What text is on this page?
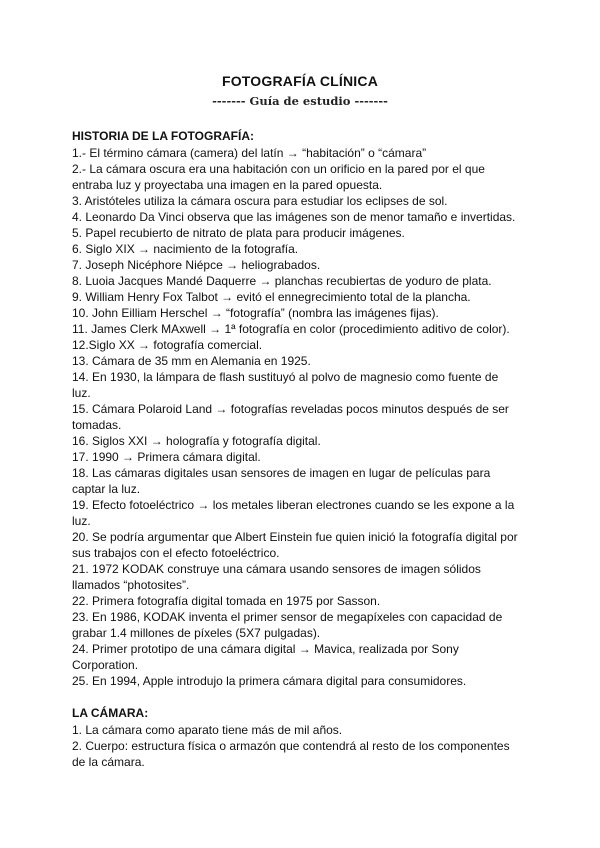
FOTOGRAFÍA CLÍNICA
------- Guía de estudio -------
HISTORIA DE LA FOTOGRAFÍA:
1.- El término cámara (camera) del latín → “habitación” o “cámara”
2.- La cámara oscura era una habitación con un orificio en la pared por el que
entraba luz y proyectaba una imagen en la pared opuesta.
3. Aristóteles utiliza la cámara oscura para estudiar los eclipses de sol.
4. Leonardo Da Vinci observa que las imágenes son de menor tamaño e invertidas.
5. Papel recubierto de nitrato de plata para producir imágenes.
6. Siglo XIX → nacimiento de la fotografía.
7. Joseph Nicéphore Niépce → heliograbados.
8. Luoia Jacques Mandé Daquerre → planchas recubiertas de yoduro de plata.
9. William Henry Fox Talbot → evitó el ennegrecimiento total de la plancha.
10. John Eilliam Herschel → “fotografía” (nombra las imágenes fijas).
11. James Clerk MAxwell → 1ª fotografía en color (procedimiento aditivo de color).
12.Siglo XX → fotografía comercial.
13. Cámara de 35 mm en Alemania en 1925.
14. En 1930, la lámpara de flash sustituyó al polvo de magnesio como fuente de
luz.
15. Cámara Polaroid Land → fotografías reveladas pocos minutos después de ser
tomadas.
16. Siglos XXI → holografía y fotografía digital.
17. 1990 → Primera cámara digital.
18. Las cámaras digitales usan sensores de imagen en lugar de películas para
captar la luz.
19. Efecto fotoeléctrico → los metales liberan electrones cuando se les expone a la
luz.
20. Se podría argumentar que Albert Einstein fue quien inició la fotografía digital por
sus trabajos con el efecto fotoeléctrico.
21. 1972 KODAK construye una cámara usando sensores de imagen sólidos
llamados “photosites”.
22. Primera fotografía digital tomada en 1975 por Sasson.
23. En 1986, KODAK inventa el primer sensor de megapíxeles con capacidad de
grabar 1.4 millones de píxeles (5X7 pulgadas).
24. Primer prototipo de una cámara digital → Mavica, realizada por Sony
Corporation.
25. En 1994, Apple introdujo la primera cámara digital para consumidores.
LA CÁMARA:
1. La cámara como aparato tiene más de mil años.
2. Cuerpo: estructura física o armazón que contendrá al resto de los componentes
de la cámara.
